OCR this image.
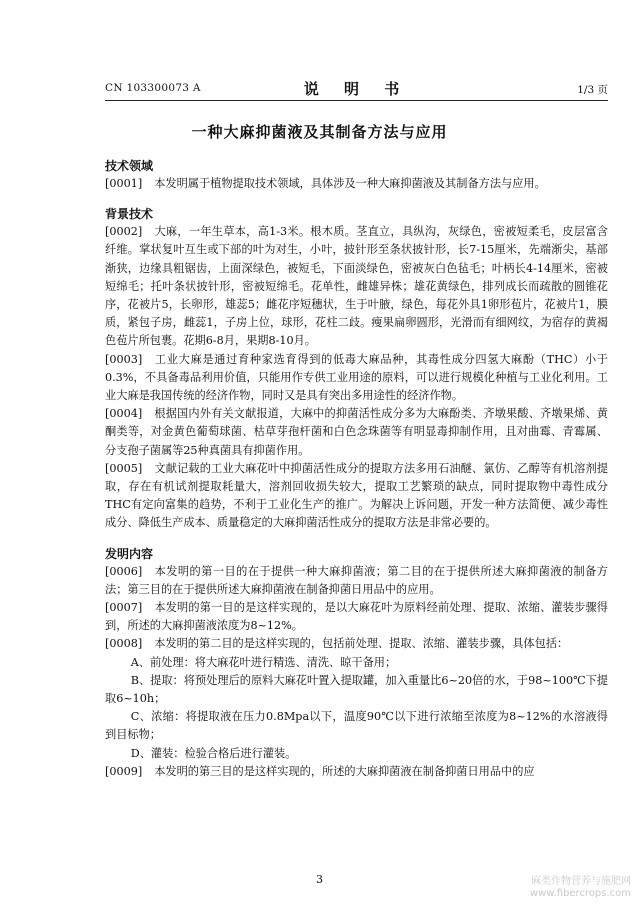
CN 103300073 A	说 明 书	1/3 页
一种大麻抑菌液及其制备方法与应用

技术领域

[0001] 本发明属于植物提取技术领域，具体涉及一种大麻抑菌液及其制备方法与应用。

背景技术

[0002] 大麻，一年生草本，高1-3米。根木质。茎直立，具纵沟，灰绿色，密被短柔毛，皮层富含纤维。掌状复叶互生或下部的叶为对生，小叶，披针形至条状披针形，长7-15厘米，先端渐尖，基部渐狭，边缘具粗锯齿，上面深绿色，被短毛，下面淡绿色，密被灰白色毡毛；叶柄长4-14厘米，密被短绵毛；托叶条状披针形，密被短绵毛。花单性，雌雄异株；雄花黄绿色，排列成长而疏散的圆锥花序，花被片5，长卵形，雄蕊5；雌花序短穗状，生于叶腋，绿色，每花外具1卵形苞片，花被片1，膜质，紧包子房，雌蕊1，子房上位，球形，花柱二歧。瘦果扁卵圆形，光滑而有细网纹，为宿存的黄褐色苞片所包裹。花期6-8月，果期8-10月。

[0003] 工业大麻是通过育种家选育得到的低毒大麻品种，其毒性成分四氢大麻酚（THC）小于0.3%，不具备毒品利用价值，只能用作专供工业用途的原料，可以进行规模化种植与工业化利用。工业大麻是我国传统的经济作物，同时又是具有突出多用途性的经济作物。

[0004] 根据国内外有关文献报道，大麻中的抑菌活性成分多为大麻酚类、齐墩果酸、齐墩果烯、黄酮类等，对金黄色葡萄球菌、枯草芽孢杆菌和白色念珠菌等有明显毒抑制作用，且对曲霉、青霉属、分支孢子菌属等25种真菌具有抑菌作用。

[0005] 文献记载的工业大麻花叶中抑菌活性成分的提取方法多用石油醚、氯仿、乙醇等有机溶剂提取，存在有机试剂提取耗量大，溶剂回收损失较大，提取工艺繁琐的缺点，同时提取物中毒性成分THC有定向富集的趋势，不利于工业化生产的推广。为解决上诉问题，开发一种方法简便、减少毒性成分、降低生产成本、质量稳定的大麻抑菌活性成分的提取方法是非常必要的。

发明内容

[0006] 本发明的第一目的在于提供一种大麻抑菌液；第二目的在于提供所述大麻抑菌液的制备方法；第三目的在于提供所述大麻抑菌液在制备抑菌日用品中的应用。

[0007] 本发明的第一目的是这样实现的，是以大麻花叶为原料经前处理、提取、浓缩、灌装步骤得到，所述的大麻抑菌液浓度为8~12%。

[0008] 本发明的第二目的是这样实现的，包括前处理、提取、浓缩、灌装步骤，具体包括：

A、前处理：将大麻花叶进行精选、清洗、晾干备用；

B、提取：将预处理后的原料大麻花叶置入提取罐，加入重量比6~20倍的水，于98~100℃下提取6~10h；

C、浓缩：将提取液在压力0.8Mpa以下，温度90℃以下进行浓缩至浓度为8~12%的水溶液得到目标物；

D、灌装：检验合格后进行灌装。

[0009] 本发明的第三目的是这样实现的，所述的大麻抑菌液在制备抑菌日用品中的应

3	麻类作物营养与施肥网
www.fibercrops.com
